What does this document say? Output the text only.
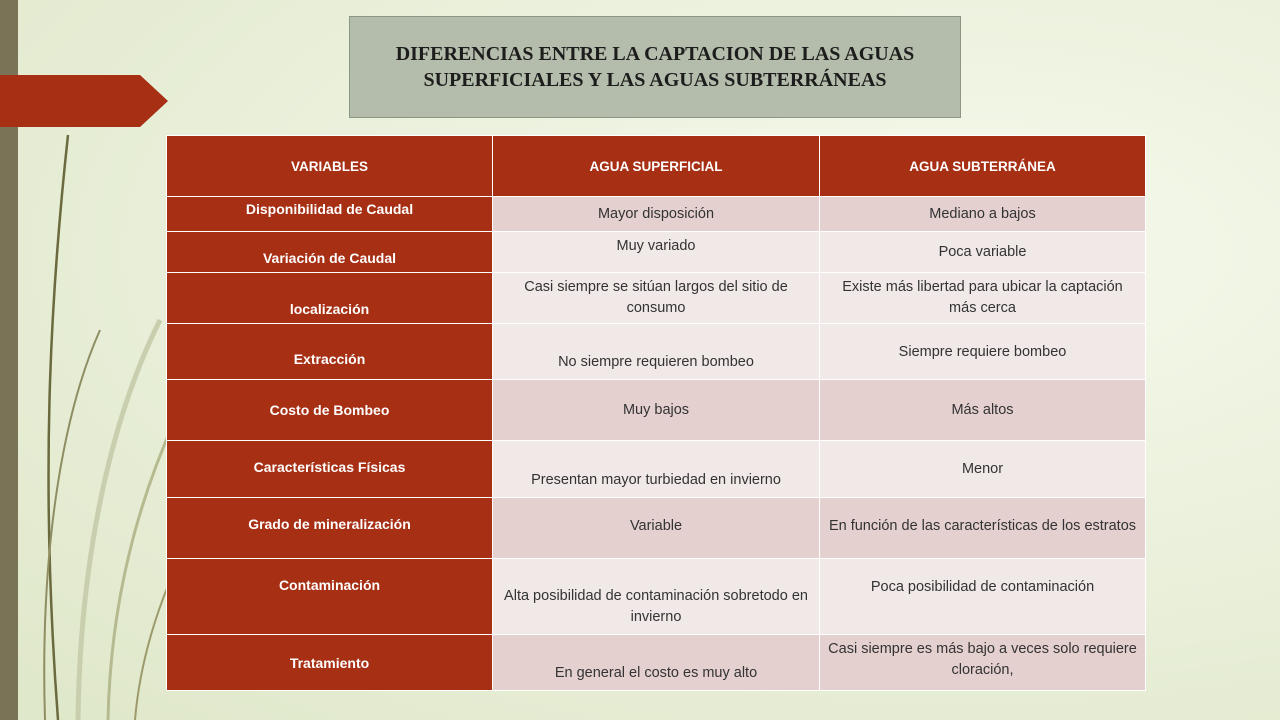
DIFERENCIAS ENTRE LA CAPTACION DE LAS AGUAS
SUPERFICIALES Y LAS AGUAS SUBTERRÁNEAS
VARIABLES	AGUA SUPERFICIAL	AGUA SUBTERRÁNEA
Disponibilidad de Caudal	Mayor disposición	Mediano a bajos
Variación de Caudal	Muy variado	Poca variable
localización	Casi siempre se sitúan largos del sitio de consumo	Existe más libertad para ubicar la captación más cerca
Extracción	No siempre requieren bombeo	Siempre requiere bombeo
Costo de Bombeo	Muy bajos	Más altos
Características Físicas	Presentan mayor turbiedad en invierno	Menor
Grado de mineralización	Variable	En función de las características de los estratos
Contaminación	Alta posibilidad de contaminación sobretodo en invierno	Poca posibilidad de contaminación
Tratamiento	En general el costo es muy alto	Casi siempre es más bajo a veces solo requiere cloración,
